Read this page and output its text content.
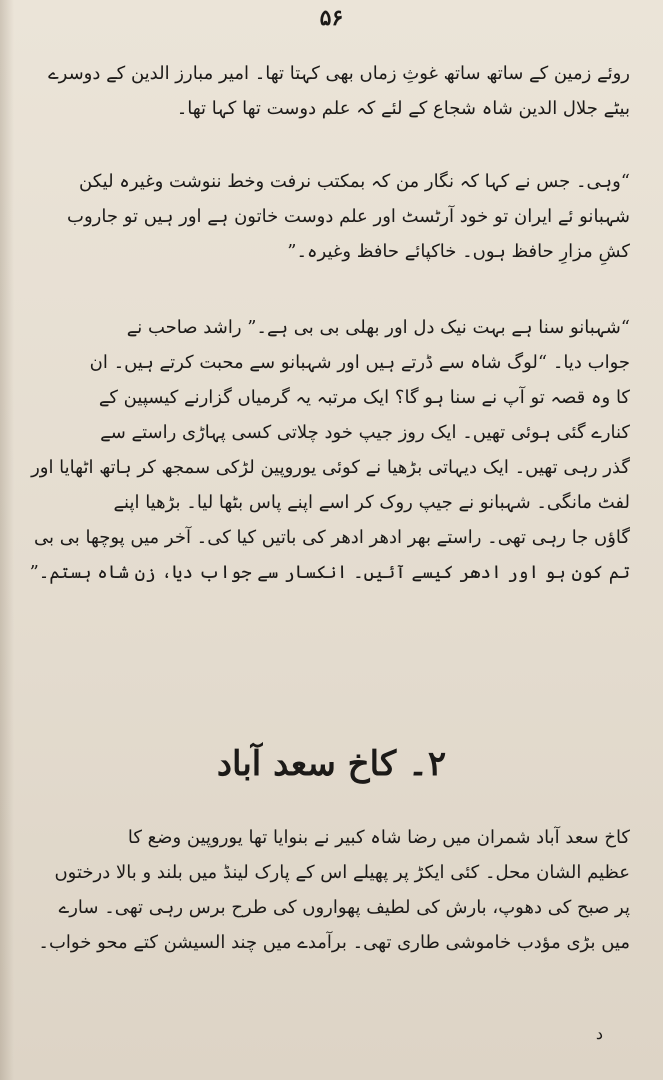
۵۶
روئے زمین کے ساتھ ساتھ غوثِ زماں بھی کہتا تھا۔ امیر مبارز الدین کے دوسرے
بیٹے جلال الدین شاہ شجاع کے لئے کہ علم دوست تھا کہا تھا۔
“وہی۔ جس نے کہا کہ نگار من کہ بمکتب نرفت وخط ننوشت وغیرہ لیکن
شہبانو ئے ایران تو خود آرٹسٹ اور علم دوست خاتون ہے اور ہیں تو جاروب
کشِ مزارِ حافظ ہوں۔ خاکپائے حافظ وغیرہ۔”
“شہبانو سنا ہے بہت نیک دل اور بھلی بی بی ہے۔” راشد صاحب نے
جواب دیا۔ “لوگ شاہ سے ڈرتے ہیں اور شہبانو سے محبت کرتے ہیں۔ ان
کا وہ قصہ تو آپ نے سنا ہو گا؟ ایک مرتبہ یہ گرمیاں گزارنے کیسپین کے
کنارے گئی ہوئی تھیں۔ ایک روز جیپ خود چلاتی کسی پہاڑی راستے سے
گذر رہی تھیں۔ ایک دیہاتی بڑھیا نے کوئی یوروپین لڑکی سمجھ کر ہاتھ اٹھایا اور
لفٹ مانگی۔ شہبانو نے جیپ روک کر اسے اپنے پاس بٹھا لیا۔ بڑھیا اپنے
گاؤں جا رہی تھی۔ راستے بھر ادھر ادھر کی باتیں کیا کی۔ آخر میں پوچھا بی بی
تم کون ہو اور ادھر کیسے آئیں۔ انکسار سے جواب دیا، زنِ شاہ ہستم۔”
۲۔ کاخ سعد آباد
کاخ سعد آباد شمران میں رضا شاہ کبیر نے بنوایا تھا یوروپین وضع کا
عظیم الشان محل۔ کئی ایکڑ پر پھیلے اس کے پارک لینڈ میں بلند و بالا درختوں
پر صبح کی دھوپ، بارش کی لطیف پھواروں کی طرح برس رہی تھی۔ سارے
میں بڑی مؤدب خاموشی طاری تھی۔ برآمدے میں چند السیشن کتے محو خواب۔
د
